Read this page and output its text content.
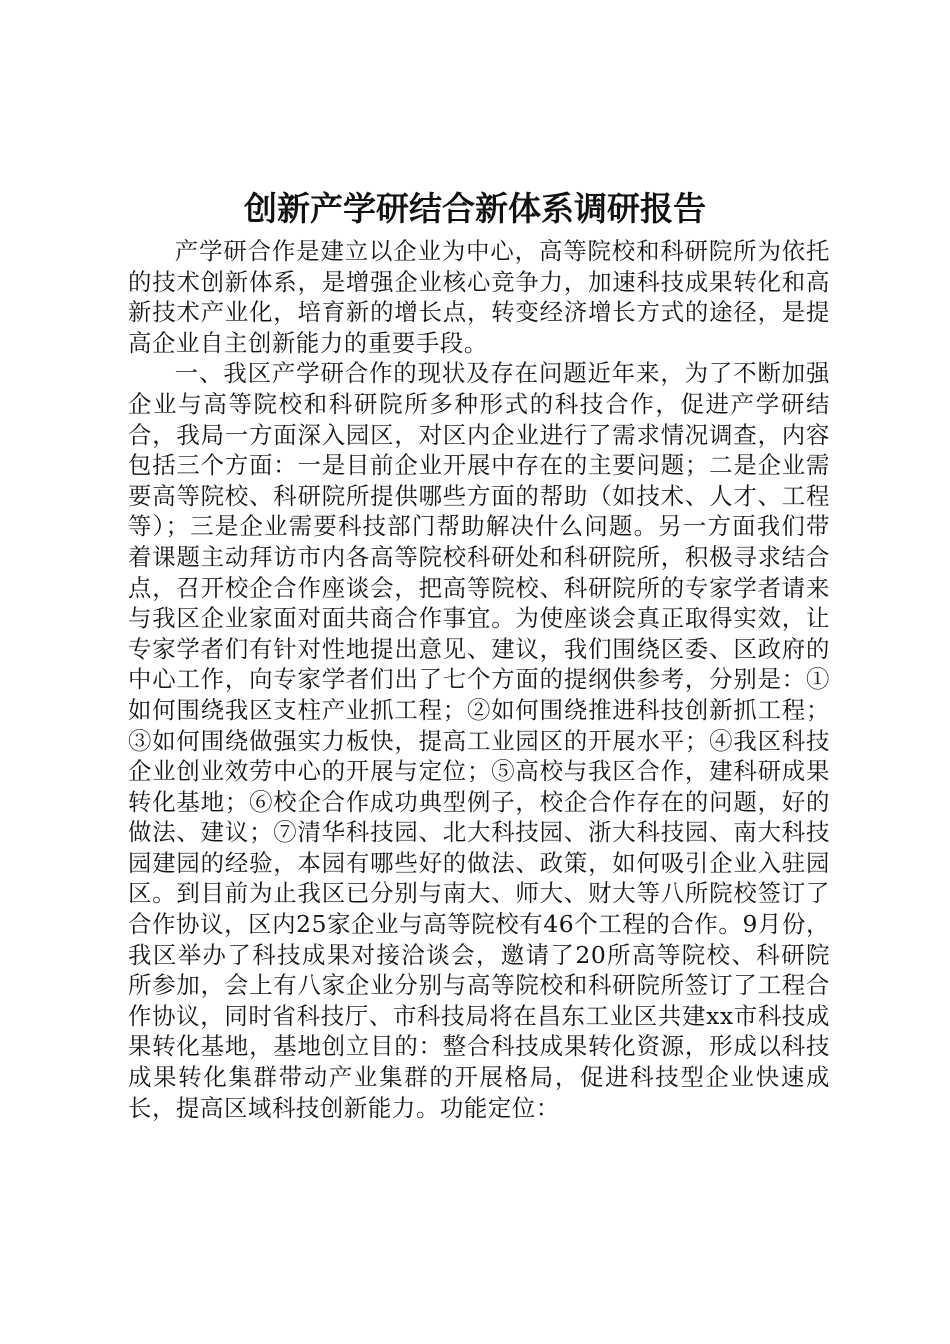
创新产学研结合新体系调研报告

产学研合作是建立以企业为中心，高等院校和科研院所为依托的技术创新体系，是增强企业核心竞争力，加速科技成果转化和高新技术产业化，培育新的增长点，转变经济增长方式的途径，是提高企业自主创新能力的重要手段。

一、我区产学研合作的现状及存在问题近年来，为了不断加强企业与高等院校和科研院所多种形式的科技合作，促进产学研结合，我局一方面深入园区，对区内企业进行了需求情况调查，内容包括三个方面：一是目前企业开展中存在的主要问题；二是企业需要高等院校、科研院所提供哪些方面的帮助（如技术、人才、工程等）；三是企业需要科技部门帮助解决什么问题。另一方面我们带着课题主动拜访市内各高等院校科研处和科研院所，积极寻求结合点，召开校企合作座谈会，把高等院校、科研院所的专家学者请来与我区企业家面对面共商合作事宜。为使座谈会真正取得实效，让专家学者们有针对性地提出意见、建议，我们围绕区委、区政府的中心工作，向专家学者们出了七个方面的提纲供参考，分别是：①如何围绕我区支柱产业抓工程；②如何围绕推进科技创新抓工程；③如何围绕做强实力板快，提高工业园区的开展水平；④我区科技企业创业效劳中心的开展与定位；⑤高校与我区合作，建科研成果转化基地；⑥校企合作成功典型例子，校企合作存在的问题，好的做法、建议；⑦清华科技园、北大科技园、浙大科技园、南大科技园建园的经验，本园有哪些好的做法、政策，如何吸引企业入驻园区。到目前为止我区已分别与南大、师大、财大等八所院校签订了合作协议，区内25家企业与高等院校有46个工程的合作。9月份，我区举办了科技成果对接洽谈会，邀请了20所高等院校、科研院所参加，会上有八家企业分别与高等院校和科研院所签订了工程合作协议，同时省科技厅、市科技局将在昌东工业区共建xx市科技成果转化基地，基地创立目的：整合科技成果转化资源，形成以科技成果转化集群带动产业集群的开展格局，促进科技型企业快速成长，提高区域科技创新能力。功能定位：
